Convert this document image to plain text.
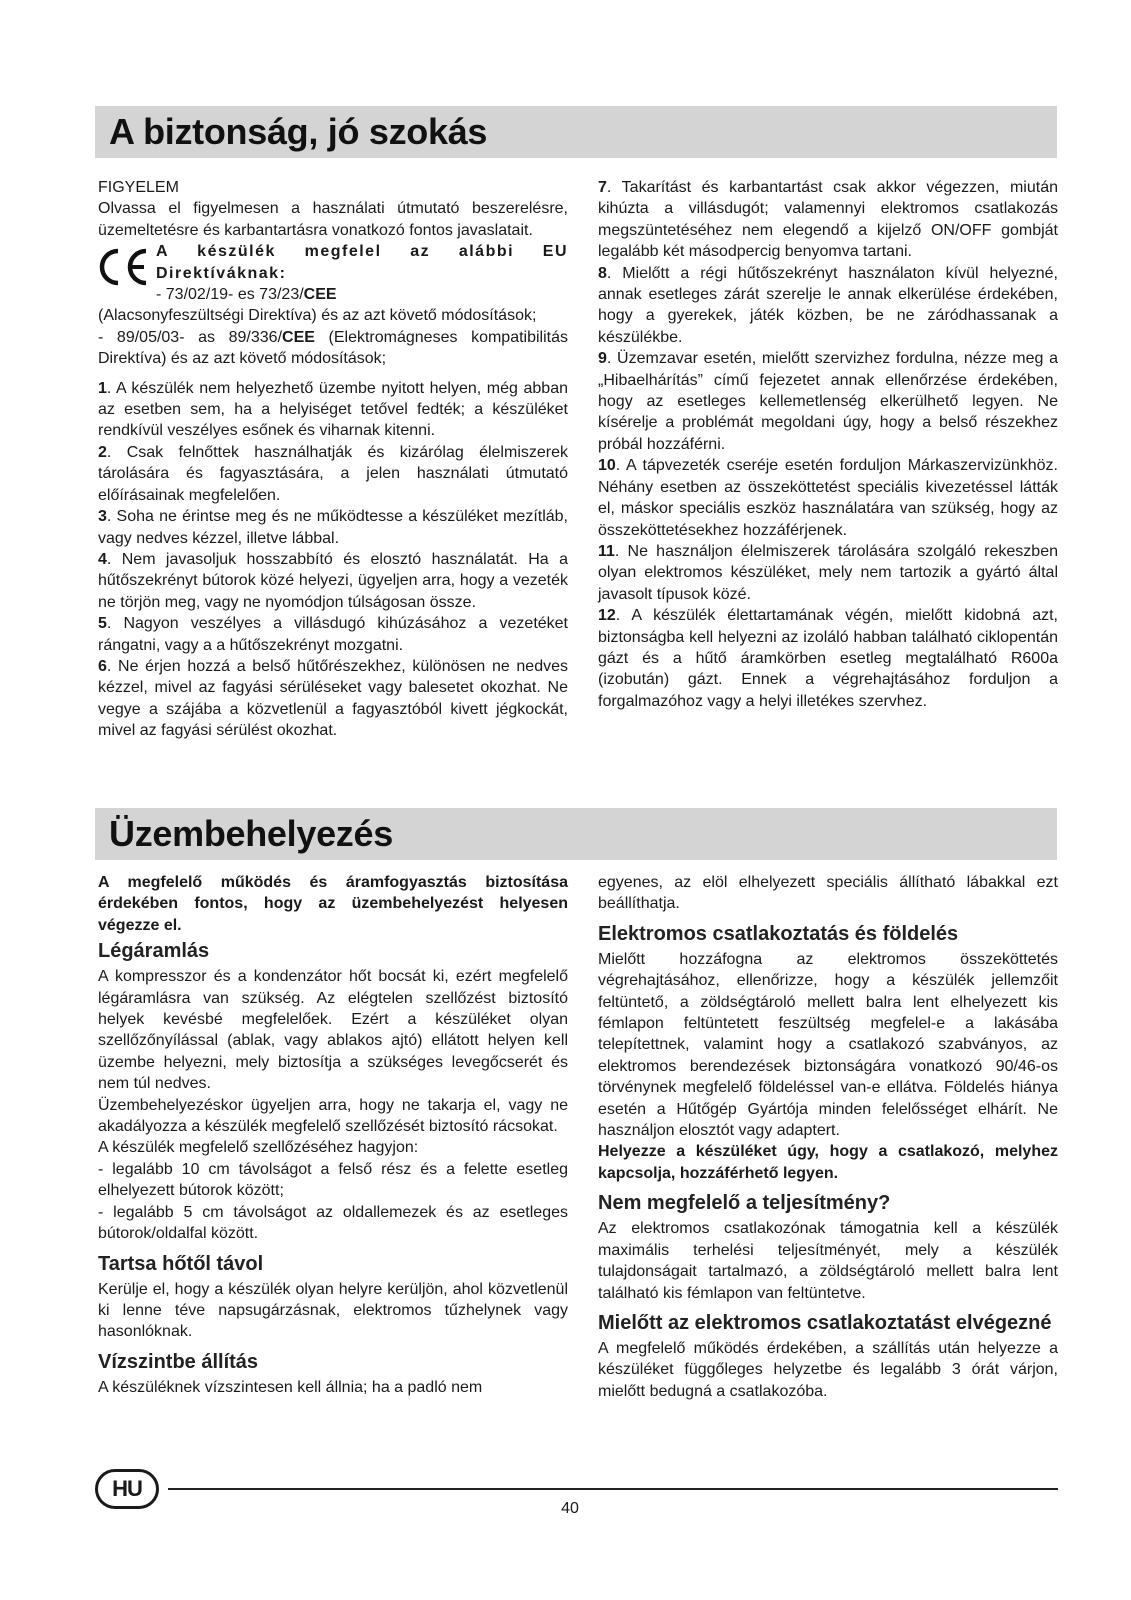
A biztonság, jó szokás

FIGYELEM

Olvassa el figyelmesen a használati útmutató beszerelésre, üzemeltetésre és karbantartásra vonatkozó fontos javaslatait.

A készülék megfelel az alábbi EU Direktíváknak:

- 73/02/19- es 73/23/CEE

(Alacsonyfeszültségi Direktíva) és az azt követő módosítások;

- 89/05/03- as 89/336/CEE (Elektromágneses kompatibilitás Direktíva) és az azt követő módosítások;

1. A készülék nem helyezhető üzembe nyitott helyen, még abban az esetben sem, ha a helyiséget tetővel fedték; a készüléket rendkívül veszélyes esőnek és viharnak kitenni.

2. Csak felnőttek használhatják és kizárólag élelmiszerek tárolására és fagyasztására, a jelen használati útmutató előírásainak megfelelően.

3. Soha ne érintse meg és ne működtesse a készüléket mezítláb, vagy nedves kézzel, illetve lábbal.

4. Nem javasoljuk hosszabbító és elosztó használatát. Ha a hűtőszekrényt bútorok közé helyezi, ügyeljen arra, hogy a vezeték ne törjön meg, vagy ne nyomódjon túlságosan össze.

5. Nagyon veszélyes a villásdugó kihúzásához a vezetéket rángatni, vagy a a hűtőszekrényt mozgatni.

6. Ne érjen hozzá a belső hűtőrészekhez, különösen ne nedves kézzel, mivel az fagyási sérüléseket vagy balesetet okozhat. Ne vegye a szájába a közvetlenül a fagyasztóból kivett jégkockát, mivel az fagyási sérülést okozhat.

7. Takarítást és karbantartást csak akkor végezzen, miután kihúzta a villásdugót; valamennyi elektromos csatlakozás megszüntetéséhez nem elegendő a kijelző ON/OFF gombját legalább két másodpercig benyomva tartani.

8. Mielőtt a régi hűtőszekrényt használaton kívül helyezné, annak esetleges zárát szerelje le annak elkerülése érdekében, hogy a gyerekek, játék közben, be ne záródhassanak a készülékbe.

9. Üzemzavar esetén, mielőtt szervizhez fordulna, nézze meg a „Hibaelhárítás” című fejezetet annak ellenőrzése érdekében, hogy az esetleges kellemetlenség elkerülhető legyen. Ne kísérelje a problémát megoldani úgy, hogy a belső részekhez próbál hozzáférni.

10. A tápvezeték cseréje esetén forduljon Márkaszervizünkhöz. Néhány esetben az összeköttetést speciális kivezetéssel látták el, máskor speciális eszköz használatára van szükség, hogy az összeköttetésekhez hozzáférjenek.

11. Ne használjon élelmiszerek tárolására szolgáló rekeszben olyan elektromos készüléket, mely nem tartozik a gyártó által javasolt típusok közé.

12. A készülék élettartamának végén, mielőtt kidobná azt, biztonságba kell helyezni az izoláló habban található ciklopentán gázt és a hűtő áramkörben esetleg megtalálható R600a (izobután) gázt. Ennek a végrehajtásához forduljon a forgalmazóhoz vagy a helyi illetékes szervhez.

Üzembehelyezés

A megfelelő működés és áramfogyasztás biztosítása érdekében fontos, hogy az üzembehelyezést helyesen végezze el.

Légáramlás

A kompresszor és a kondenzátor hőt bocsát ki, ezért megfelelő légáramlásra van szükség. Az elégtelen szellőzést biztosító helyek kevésbé megfelelőek. Ezért a készüléket olyan szellőzőnyílással (ablak, vagy ablakos ajtó) ellátott helyen kell üzembe helyezni, mely biztosítja a szükséges levegőcserét és nem túl nedves.

Üzembehelyezéskor ügyeljen arra, hogy ne takarja el, vagy ne akadályozza a készülék megfelelő szellőzését biztosító rácsokat.

A készülék megfelelő szellőzéséhez hagyjon:

- legalább 10 cm távolságot a felső rész és a felette esetleg elhelyezett bútorok között;

- legalább 5 cm távolságot az oldallemezek és az esetleges bútorok/oldalfal között.

Tartsa hőtől távol

Kerülje el, hogy a készülék olyan helyre kerüljön, ahol közvetlenül ki lenne téve napsugárzásnak, elektromos tűzhelynek vagy hasonlóknak.

Vízszintbe állítás

A készüléknek vízszintesen kell állnia; ha a padló nem

egyenes, az elöl elhelyezett speciális állítható lábakkal ezt beállíthatja.

Elektromos csatlakoztatás és földelés

Mielőtt hozzáfogna az elektromos összeköttetés végrehajtásához, ellenőrizze, hogy a készülék jellemzőit feltüntető, a zöldségtároló mellett balra lent elhelyezett kis fémlapon feltüntetett feszültség megfelel-e a lakásába telepítettnek, valamint hogy a csatlakozó szabványos, az elektromos berendezések biztonságára vonatkozó 90/46-os törvénynek megfelelő földeléssel van-e ellátva. Földelés hiánya esetén a Hűtőgép Gyártója minden felelősséget elhárít. Ne használjon elosztót vagy adaptert.

Helyezze a készüléket úgy, hogy a csatlakozó, melyhez kapcsolja, hozzáférhető legyen.

Nem megfelelő a teljesítmény?

Az elektromos csatlakozónak támogatnia kell a készülék maximális terhelési teljesítményét, mely a készülék tulajdonságait tartalmazó, a zöldségtároló mellett balra lent található kis fémlapon van feltüntetve.

Mielőtt az elektromos csatlakoztatást elvégezné

A megfelelő működés érdekében, a szállítás után helyezze a készüléket függőleges helyzetbe és legalább 3 órát várjon, mielőtt bedugná a csatlakozóba.

HU
40
